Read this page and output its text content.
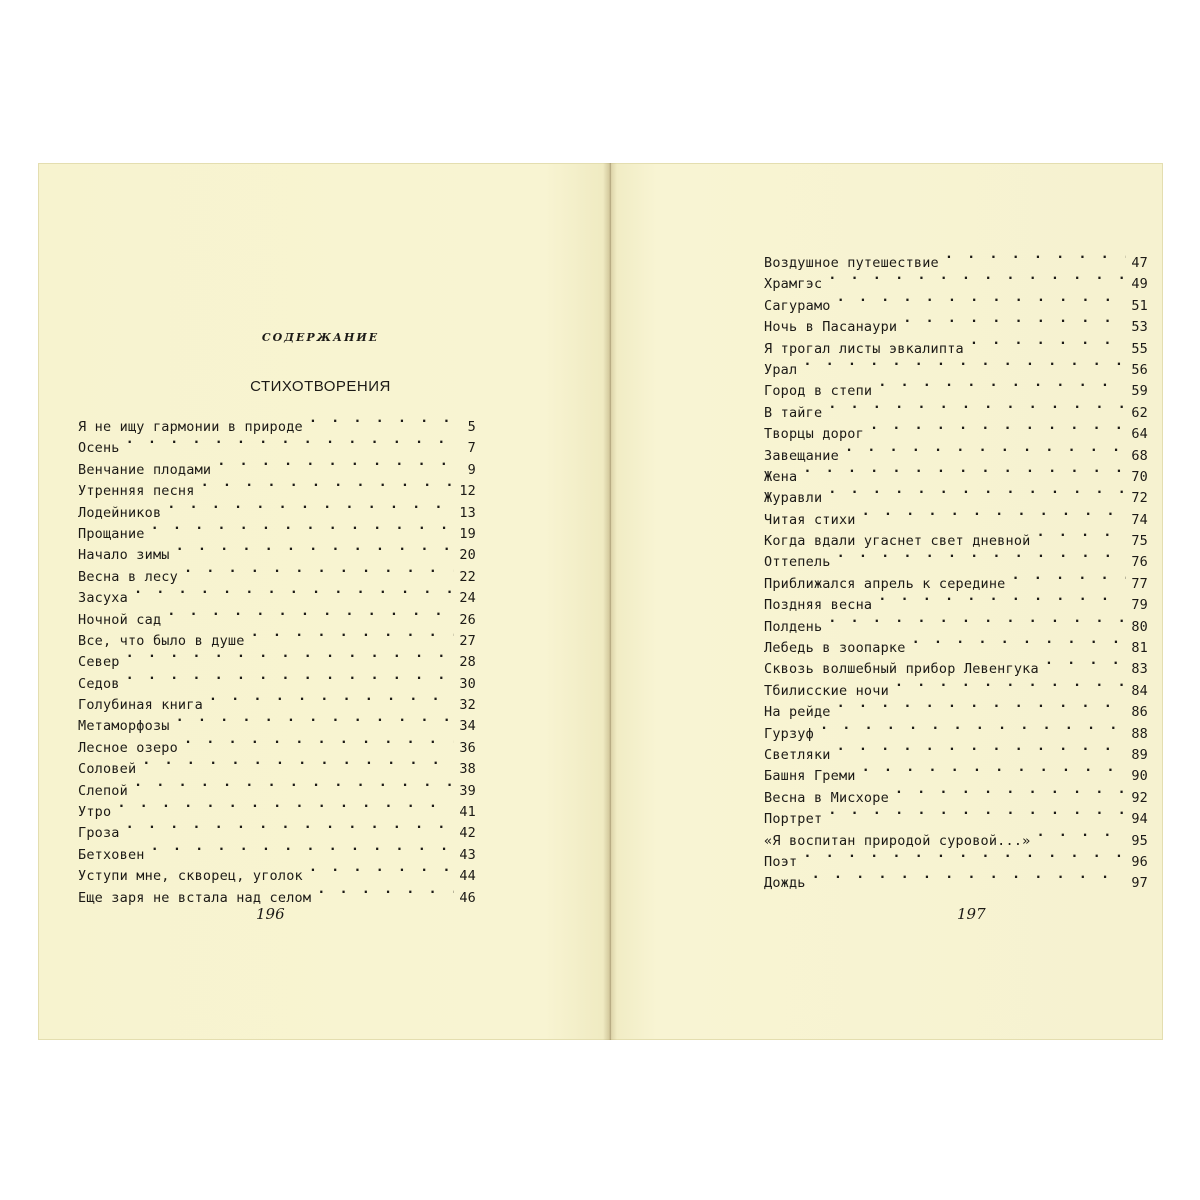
СОДЕРЖАНИЕ
СТИХОТВОРЕНИЯ
Я не ищу гармонии в природе . . .	5
Осень . . .	7
Венчание плодами . . .	9
Утренняя песня . . .	12
Лодейников . . .	13
Прощание . . .	19
Начало зимы . . .	20
Весна в лесу . . .	22
Засуха . . .	24
Ночной сад . . .	26
Все, что было в душе . . .	27
Север . . .	28
Седов . . .	30
Голубиная книга . . .	32
Метаморфозы . . .	34
Лесное озеро . . .	36
Соловей . . .	38
Слепой . . .	39
Утро . . .	41
Гроза . . .	42
Бетховен . . .	43
Уступи мне, скворец, уголок . . .	44
Еще заря не встала над селом . . .	46

196

Воздушное путешествие . . .	47
Храмгэс . . .	49
Сагурамо . . .	51
Ночь в Пасанаури . . .	53
Я трогал листы эвкалипта . . .	55
Урал . . .	56
Город в степи . . .	59
В тайге . . .	62
Творцы дорог . . .	64
Завещание . . .	68
Жена . . .	70
Журавли . . .	72
Читая стихи . . .	74
Когда вдали угаснет свет дневной . . .	75
Оттепель . . .	76
Приближался апрель к середине . . .	77
Поздняя весна . . .	79
Полдень . . .	80
Лебедь в зоопарке . . .	81
Сквозь волшебный прибор Левенгука . . .	83
Тбилисские ночи . . .	84
На рейде . . .	86
Гурзуф . . .	88
Светляки . . .	89
Башня Греми . . .	90
Весна в Мисхоре . . .	92
Портрет . . .	94
«Я воспитан природой суровой...» . . .	95
Поэт . . .	96
Дождь . . .	97

197
